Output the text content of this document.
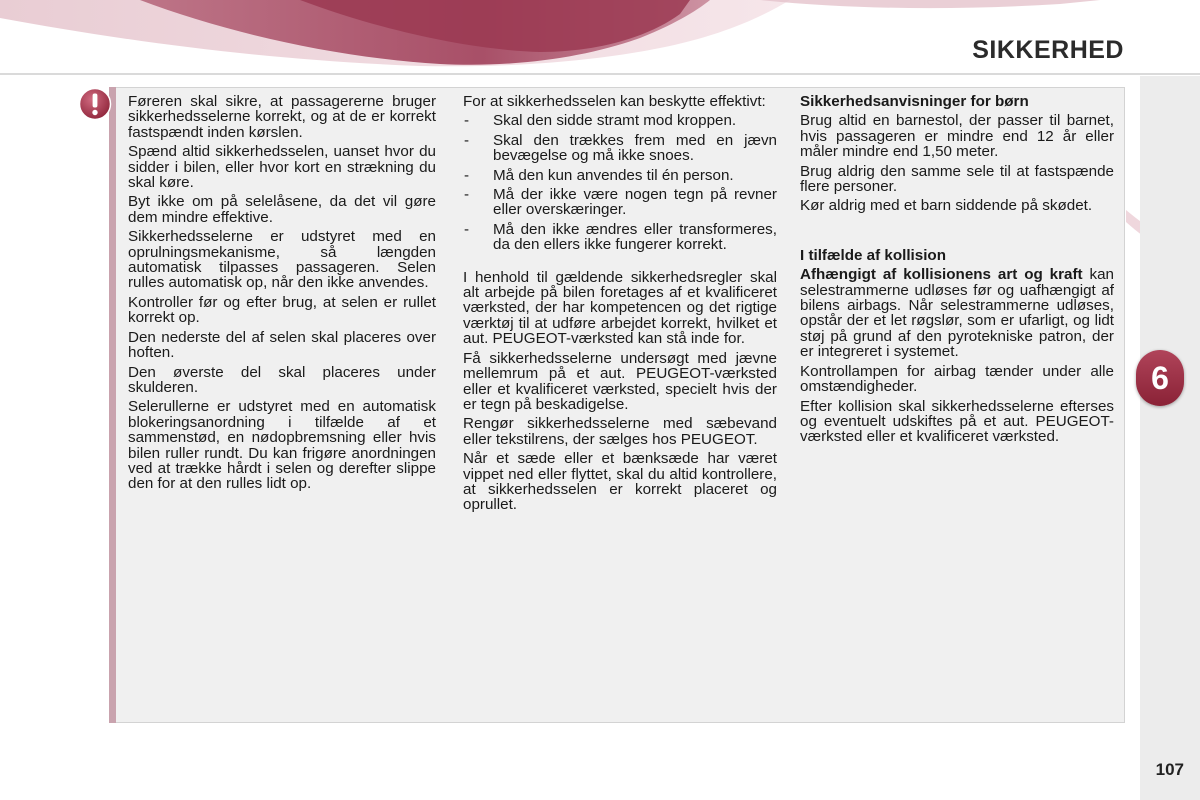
SIKKERHED
6

Føreren skal sikre, at passagererne bruger sikkerhedsselerne korrekt, og at de er korrekt fastspændt inden kørslen.

Spænd altid sikkerhedsselen, uanset hvor du sidder i bilen, eller hvor kort en strækning du skal køre.

Byt ikke om på selelåsene, da det vil gøre dem mindre effektive.

Sikkerhedsselerne er udstyret med en oprulningsmekanisme, så længden automatisk tilpasses passageren. Selen rulles automatisk op, når den ikke anvendes.

Kontroller før og efter brug, at selen er rullet korrekt op.

Den nederste del af selen skal placeres over hoften.

Den øverste del skal placeres under skulderen.

Selerullerne er udstyret med en automatisk blokeringsanordning i tilfælde af et sammenstød, en nødopbremsning eller hvis bilen ruller rundt. Du kan frigøre anordningen ved at trække hårdt i selen og derefter slippe den for at den rulles lidt op.

For at sikkerhedsselen kan beskytte effektivt:

- Skal den sidde stramt mod kroppen.
- Skal den trækkes frem med en jævn bevægelse og må ikke snoes.
- Må den kun anvendes til én person.
- Må der ikke være nogen tegn på revner eller overskæringer.
- Må den ikke ændres eller transformeres, da den ellers ikke fungerer korrekt.

I henhold til gældende sikkerhedsregler skal alt arbejde på bilen foretages af et kvalificeret værksted, der har kompetencen og det rigtige værktøj til at udføre arbejdet korrekt, hvilket et aut. PEUGEOT-værksted kan stå inde for.

Få sikkerhedsselerne undersøgt med jævne mellemrum på et aut. PEUGEOT-værksted eller et kvalificeret værksted, specielt hvis der er tegn på beskadigelse.

Rengør sikkerhedsselerne med sæbevand eller tekstilrens, der sælges hos PEUGEOT.

Når et sæde eller et bænksæde har været vippet ned eller flyttet, skal du altid kontrollere, at sikkerhedsselen er korrekt placeret og oprullet.

Sikkerhedsanvisninger for børn

Brug altid en barnestol, der passer til barnet, hvis passageren er mindre end 12 år eller måler mindre end 1,50 meter.

Brug aldrig den samme sele til at fastspænde flere personer.

Kør aldrig med et barn siddende på skødet.

I tilfælde af kollision

Afhængigt af kollisionens art og kraft kan selestrammerne udløses før og uafhængigt af bilens airbags. Når selestrammerne udløses, opstår der et let røgslør, som er ufarligt, og lidt støj på grund af den pyrotekniske patron, der er integreret i systemet.

Kontrollampen for airbag tænder under alle omstændigheder.

Efter kollision skal sikkerhedsselerne efterses og eventuelt udskiftes på et aut. PEUGEOT-værksted eller et kvalificeret værksted.

107
